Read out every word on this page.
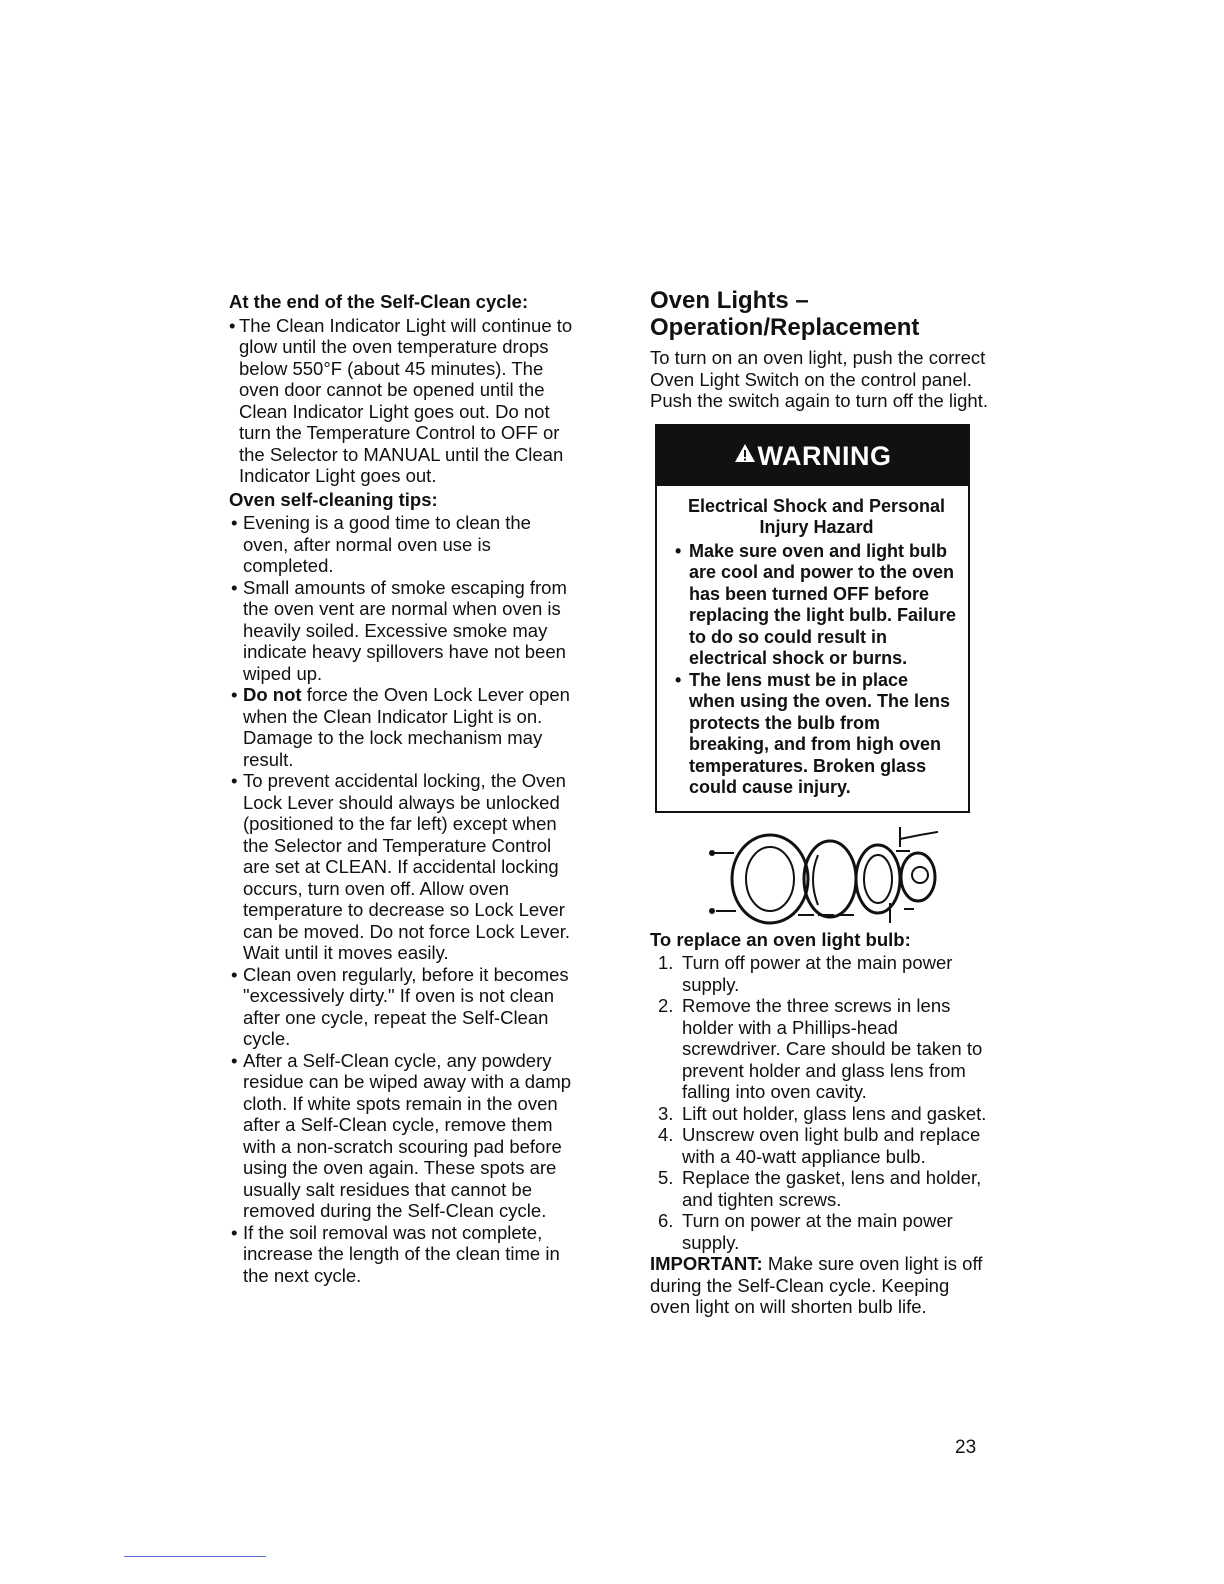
At the end of the Self-Clean cycle:
• The Clean Indicator Light will continue to glow until the oven temperature drops below 550°F (about 45 minutes). The oven door cannot be opened until the Clean Indicator Light goes out. Do not turn the Temperature Control to OFF or the Selector to MANUAL until the Clean Indicator Light goes out.
Oven self-cleaning tips:
• Evening is a good time to clean the oven, after normal oven use is completed.
• Small amounts of smoke escaping from the oven vent are normal when oven is heavily soiled. Excessive smoke may indicate heavy spillovers have not been wiped up.
• Do not force the Oven Lock Lever open when the Clean Indicator Light is on. Damage to the lock mechanism may result.
• To prevent accidental locking, the Oven Lock Lever should always be unlocked (positioned to the far left) except when the Selector and Temperature Control are set at CLEAN. If accidental locking occurs, turn oven off. Allow oven temperature to decrease so Lock Lever can be moved. Do not force Lock Lever. Wait until it moves easily.
• Clean oven regularly, before it becomes "excessively dirty." If oven is not clean after one cycle, repeat the Self-Clean cycle.
• After a Self-Clean cycle, any powdery residue can be wiped away with a damp cloth. If white spots remain in the oven after a Self-Clean cycle, remove them with a non-scratch scouring pad before using the oven again. These spots are usually salt residues that cannot be removed during the Self-Clean cycle.
• If the soil removal was not complete, increase the length of the clean time in the next cycle.
Oven Lights –
Operation/Replacement

To turn on an oven light, push the correct Oven Light Switch on the control panel. Push the switch again to turn off the light.

WARNING
Electrical Shock and Personal Injury Hazard
• Make sure oven and light bulb are cool and power to the oven has been turned OFF before replacing the light bulb. Failure to do so could result in electrical shock or burns.
• The lens must be in place when using the oven. The lens protects the bulb from breaking, and from high oven temperatures. Broken glass could cause injury.
To replace an oven light bulb:
1. Turn off power at the main power supply.
2. Remove the three screws in lens holder with a Phillips-head screwdriver. Care should be taken to prevent holder and glass lens from falling into oven cavity.
3. Lift out holder, glass lens and gasket.
4. Unscrew oven light bulb and replace with a 40-watt appliance bulb.
5. Replace the gasket, lens and holder, and tighten screws.
6. Turn on power at the main power supply.

IMPORTANT: Make sure oven light is off during the Self-Clean cycle. Keeping oven light on will shorten bulb life.

23
